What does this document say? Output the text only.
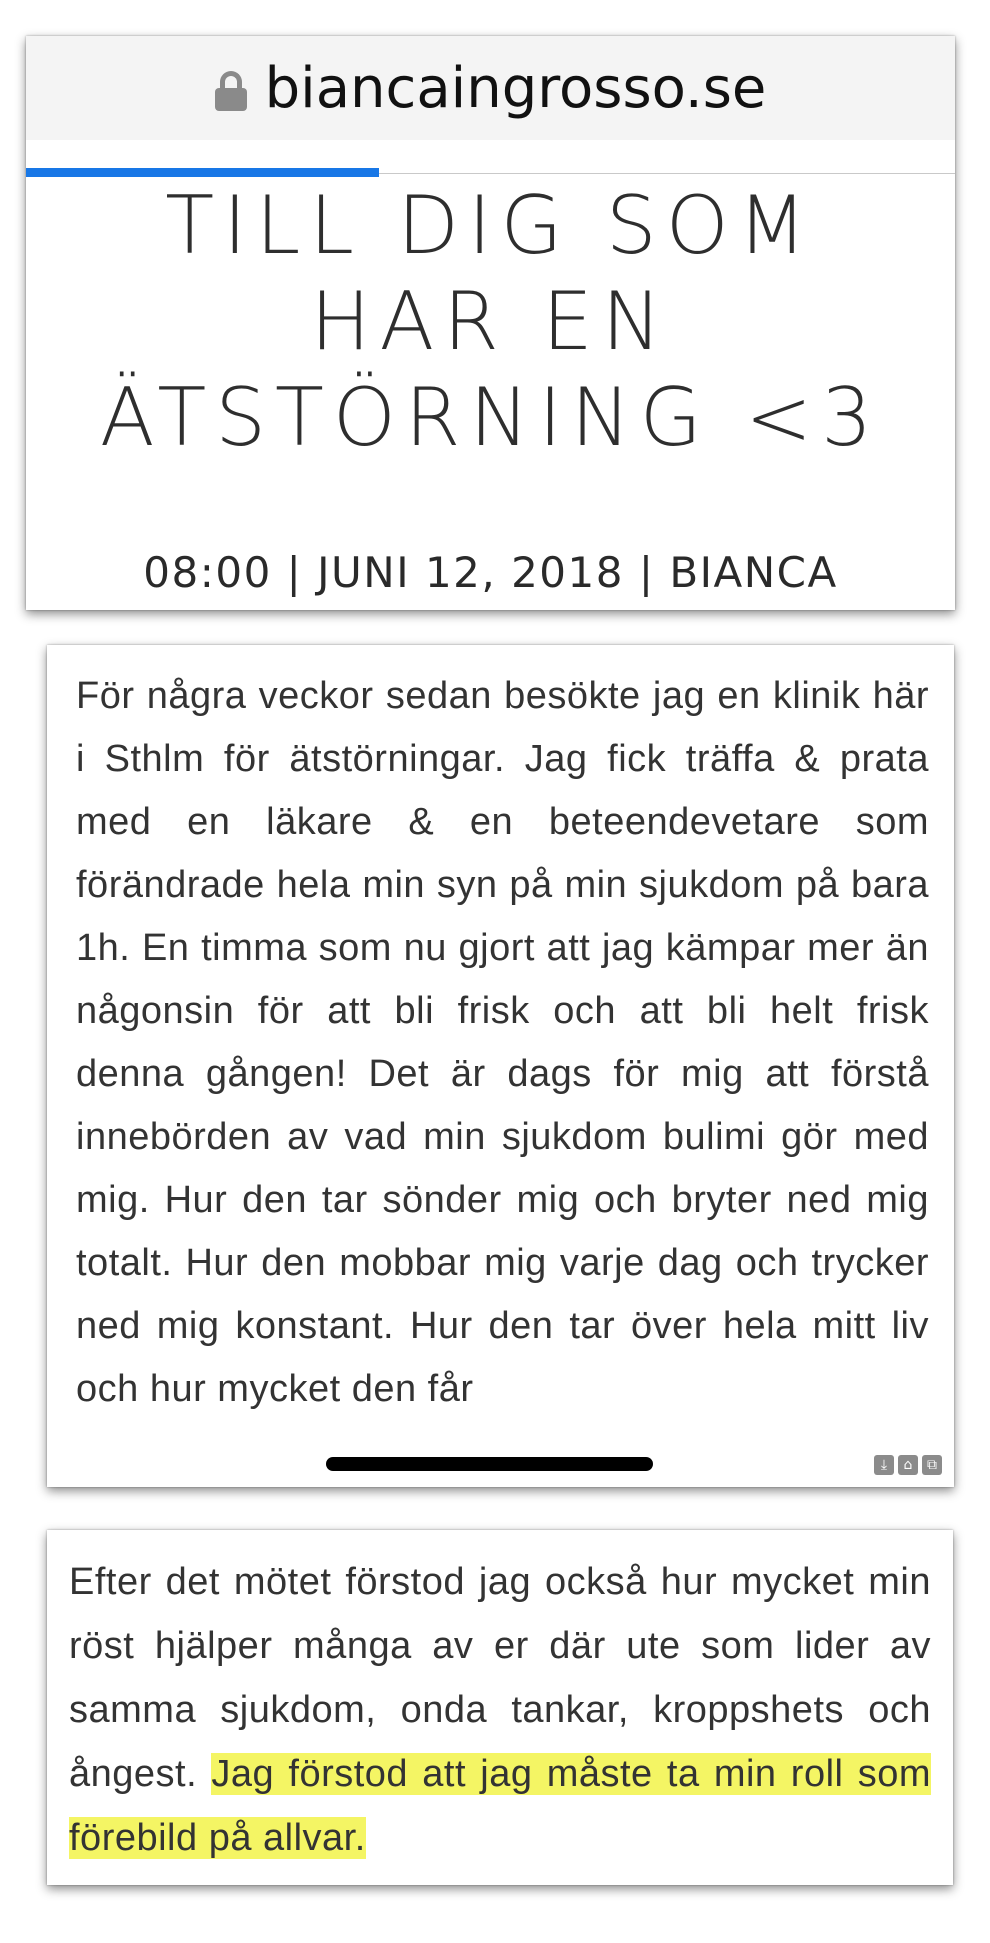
biancaingrosso.se
TILL DIG SOM
HAR EN
ÄTSTÖRNING <3
08:00 | JUNI 12, 2018 | BIANCA

För några veckor sedan besökte jag en klinik här i Sthlm för ätstörningar. Jag fick träffa & prata med en läkare & en beteendevetare som förändrade hela min syn på min sjukdom på bara 1h. En timma som nu gjort att jag kämpar mer än någonsin för att bli frisk och att bli helt frisk denna gången! Det är dags för mig att förstå innebörden av vad min sjukdom bulimi gör med mig. Hur den tar sönder mig och bryter ned mig totalt. Hur den mobbar mig varje dag och trycker ned mig konstant. Hur den tar över hela mitt liv och hur mycket den får

⤓	⌂	⧉

Efter det mötet förstod jag också hur mycket min röst hjälper många av er där ute som lider av samma sjukdom, onda tankar, kroppshets och ångest. Jag förstod att jag måste ta min roll som förebild på allvar.
